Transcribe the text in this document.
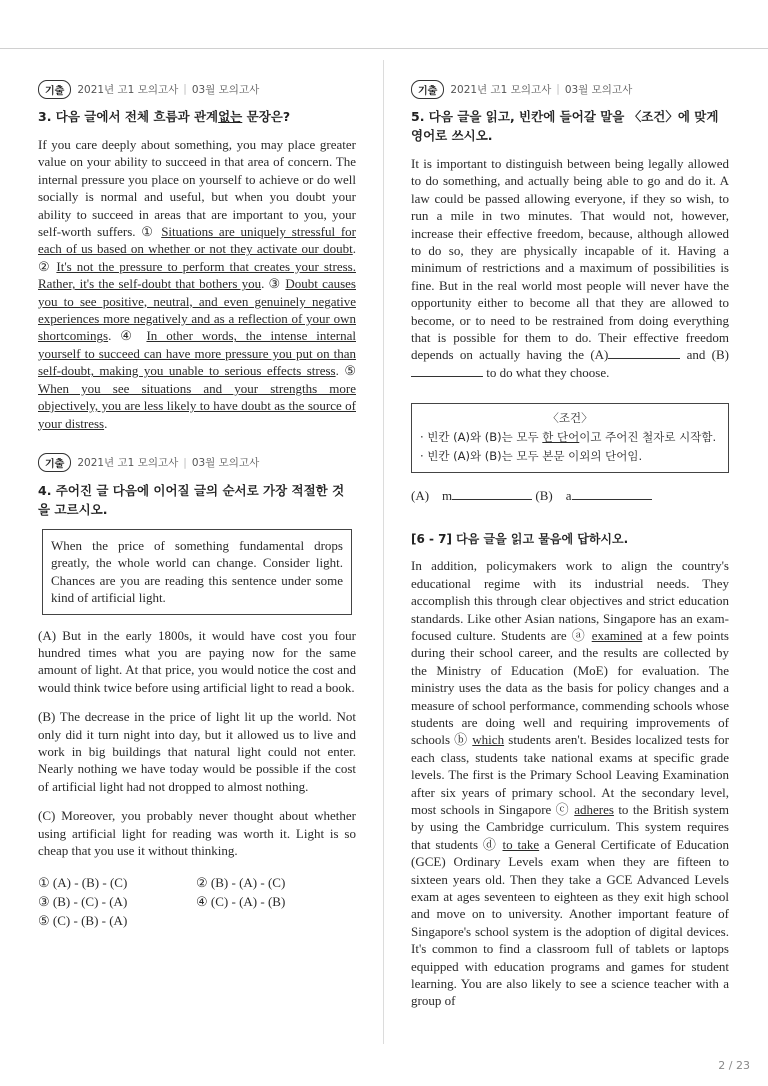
기출	2021년 고1 모의고사 | 03월 모의고사

3. 다음 글에서 전체 흐름과 관계없는 문장은?

If you care deeply about something, you may place greater value on your ability to succeed in that area of concern. The internal pressure you place on yourself to achieve or do well socially is normal and useful, but when you doubt your ability to succeed in areas that are important to you, your self-worth suffers. ① Situations are uniquely stressful for each of us based on whether or not they activate our doubt. ② It's not the pressure to perform that creates your stress. Rather, it's the self-doubt that bothers you. ③ Doubt causes you to see positive, neutral, and even genuinely negative experiences more negatively and as a reflection of your own shortcomings. ④ In other words, the intense internal yourself to succeed can have more pressure you put on than self-doubt, making you unable to serious effects stress. ⑤ When you see situations and your strengths more objectively, you are less likely to have doubt as the source of your distress.

기출	2021년 고1 모의고사 | 03월 모의고사

4. 주어진 글 다음에 이어질 글의 순서로 가장 적절한 것을 고르시오.

When the price of something fundamental drops greatly, the whole world can change. Consider light. Chances are you are reading this sentence under some kind of artificial light.

(A) But in the early 1800s, it would have cost you four hundred times what you are paying now for the same amount of light. At that price, you would notice the cost and would think twice before using artificial light to read a book.

(B) The decrease in the price of light lit up the world. Not only did it turn night into day, but it allowed us to live and work in big buildings that natural light could not enter. Nearly nothing we have today would be possible if the cost of artificial light had not dropped to almost nothing.

(C) Moreover, you probably never thought about whether using artificial light for reading was worth it. Light is so cheap that you use it without thinking.

① (A) - (B) - (C)	② (B) - (A) - (C)
③ (B) - (C) - (A)	④ (C) - (A) - (B)
⑤ (C) - (B) - (A)
기출	2021년 고1 모의고사 | 03월 모의고사

5. 다음 글을 읽고, 빈칸에 들어갈 말을 〈조건〉에 맞게 영어로 쓰시오.

It is important to distinguish between being legally allowed to do something, and actually being able to go and do it. A law could be passed allowing everyone, if they so wish, to run a mile in two minutes. That would not, however, increase their effective freedom, because, although allowed to do so, they are physically incapable of it. Having a minimum of restrictions and a maximum of possibilities is fine. But in the real world most people will never have the opportunity either to become all that they are allowed to become, or to need to be restrained from doing everything that is possible for them to do. Their effective freedom depends on actually having the (A)	and (B) to do what they choose.

〈조건〉
· 빈칸 (A)와 (B)는 모두 한 단어이고 주어진 철자로 시작함.
· 빈칸 (A)와 (B)는 모두 본문 이외의 단어임.
(A)    m	(B)    a

[6 - 7] 다음 글을 읽고 물음에 답하시오.

In addition, policymakers work to align the country's educational regime with its industrial needs. They accomplish this through clear objectives and strict education standards. Like other Asian nations, Singapore has an exam-focused culture. Students are ⓐ examined at a few points during their school career, and the results are collected by the Ministry of Education (MoE) for evaluation. The ministry uses the data as the basis for policy changes and a measure of school performance, commending schools whose students are doing well and requiring improvements of schools ⓑ which students aren't. Besides localized tests for each class, students take national exams at specific grade levels. The first is the Primary School Leaving Examination after six years of primary school. At the secondary level, most schools in Singapore ⓒ adheres to the British system by using the Cambridge curriculum. This system requires that students ⓓ to take a General Certificate of Education (GCE) Ordinary Levels exam when they are fifteen to sixteen years old. Then they take a GCE Advanced Levels exam at ages seventeen to eighteen as they exit high school and move on to university. Another important feature of Singapore's school system is the adoption of digital devices. It's common to find a classroom full of tablets or laptops equipped with education programs and games for student learning. You are also likely to see a science teacher with a group of

2 / 23
